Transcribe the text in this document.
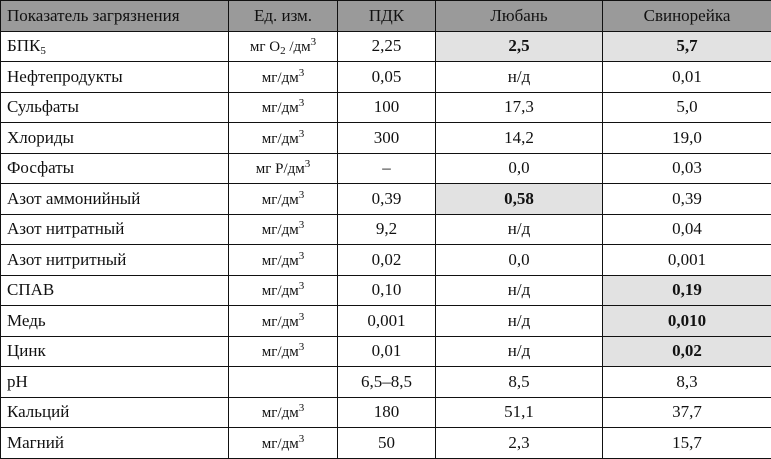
Показатель загрязнения	Ед. изм.	ПДК	Любань	Свинорейка
$БПК_5$	мг $O_2$ $/дм^3$	2,25	2,5	5,7
Нефтепродукты	$мг/дм^3$	0,05	н/д	0,01
Сульфаты	$мг/дм^3$	100	17,3	5,0
Хлориды	$мг/дм^3$	300	14,2	19,0
Фосфаты	мг $P/дм^3$	–	0,0	0,03
Азот аммонийный	$мг/дм^3$	0,39	0,58	0,39
Азот нитратный	$мг/дм^3$	9,2	н/д	0,04
Азот нитритный	$мг/дм^3$	0,02	0,0	0,001
СПАВ	$мг/дм^3$	0,10	н/д	0,19
Медь	$мг/дм^3$	0,001	н/д	0,010
Цинк	$мг/дм^3$	0,01	н/д	0,02
pH		6,5–8,5	8,5	8,3
Кальций	$мг/дм^3$	180	51,1	37,7
Магний	$мг/дм^3$	50	2,3	15,7
